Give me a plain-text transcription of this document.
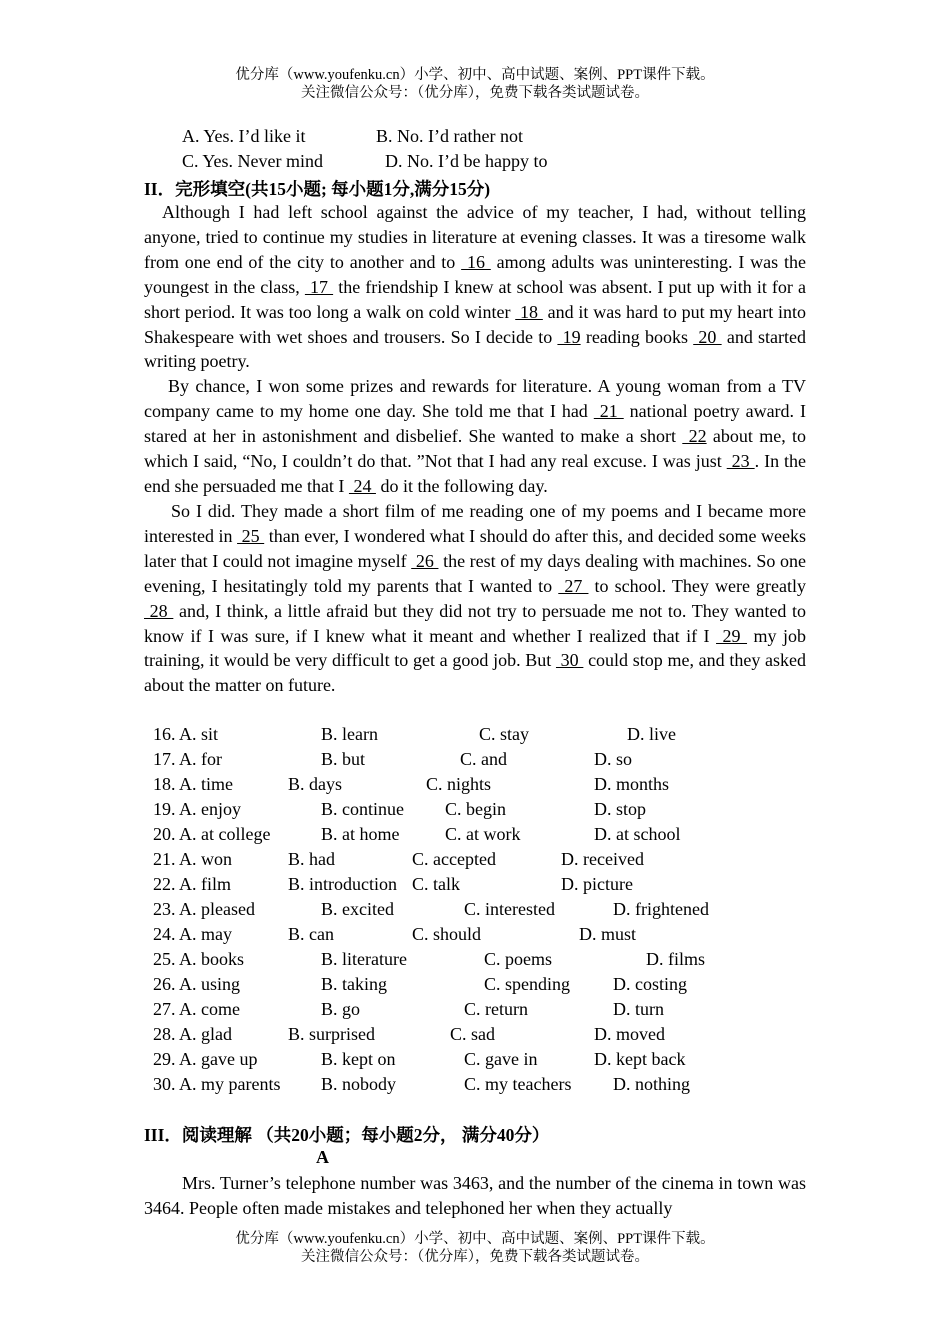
优分库（www.youfenku.cn）小学、初中、高中试题、案例、PPT课件下载。
关注微信公众号：（优分库），免费下载各类试题试卷。
A. Yes. I’d like it	B. No. I’d rather not
C. Yes. Never mind	D. No. I’d be happy to
II．完形填空(共15小题; 每小题1分,满分15分)
Although I had left school against the advice of my teacher, I had, without telling anyone, tried to continue my studies in literature at evening classes. It was a tiresome walk from one end of the city to another and to  16  among adults was uninteresting. I was the youngest in the class,  17  the friendship I knew at school was absent. I put up with it for a short period. It was too long a walk on cold winter  18  and it was hard to put my heart into Shakespeare with wet shoes and trousers. So I decide to  19 reading books  20  and started writing poetry.
By chance, I won some prizes and rewards for literature. A young woman from a TV company came to my home one day. She told me that I had  21  national poetry award. I stared at her in astonishment and disbelief. She wanted to make a short  22 about me, to which I said, “No, I couldn’t do that. ”Not that I had any real excuse. I was just  23 . In the end she persuaded me that I  24  do it the following day.
So I did. They made a short film of me reading one of my poems and I became more interested in  25  than ever, I wondered what I should do after this, and decided some weeks later that I could not imagine myself  26  the rest of my days dealing with machines. So one evening, I hesitatingly told my parents that I wanted to  27  to school. They were greatly  28  and, I think, a little afraid but they did not try to persuade me not to. They wanted to know if I was sure, if I knew what it meant and whether I realized that if I  29  my job training, it would be very difficult to get a good job. But  30  could stop me, and they asked about the matter on future.
16. A. sit	B. learn	C. stay	D. live
17. A. for	B. but	C. and	D. so
18. A. time	B. days	C. nights	D. months
19. A. enjoy	B. continue C. begin	D. stop
20. A. at college	B. at home	C. at work	D. at school
21. A. won	B. had	C. accepted	D. received
22. A. film	B. introduction C. talk	D. picture
23. A. pleased	B. excited	C. interested	D. frightened
24. A. may	B. can	C. should	D. must
25. A. books	B. literature	C. poems	D. films
26. A. using	B. taking	C. spending D. costing
27. A. come	B. go	C. return	D. turn
28. A. glad	B. surprised	C. sad	D. moved
29. A. gave up	B. kept on	C. gave in	D. kept back
30. A. my parents B. nobody	C. my teachers D. nothing
III．阅读理解 （共20小题；每小题2分， 满分40分）
A
Mrs. Turner’s telephone number was 3463, and the number of the cinema in town was 3464. People often made mistakes and telephoned her when they actually
优分库（www.youfenku.cn）小学、初中、高中试题、案例、PPT课件下载。
关注微信公众号：（优分库），免费下载各类试题试卷。
